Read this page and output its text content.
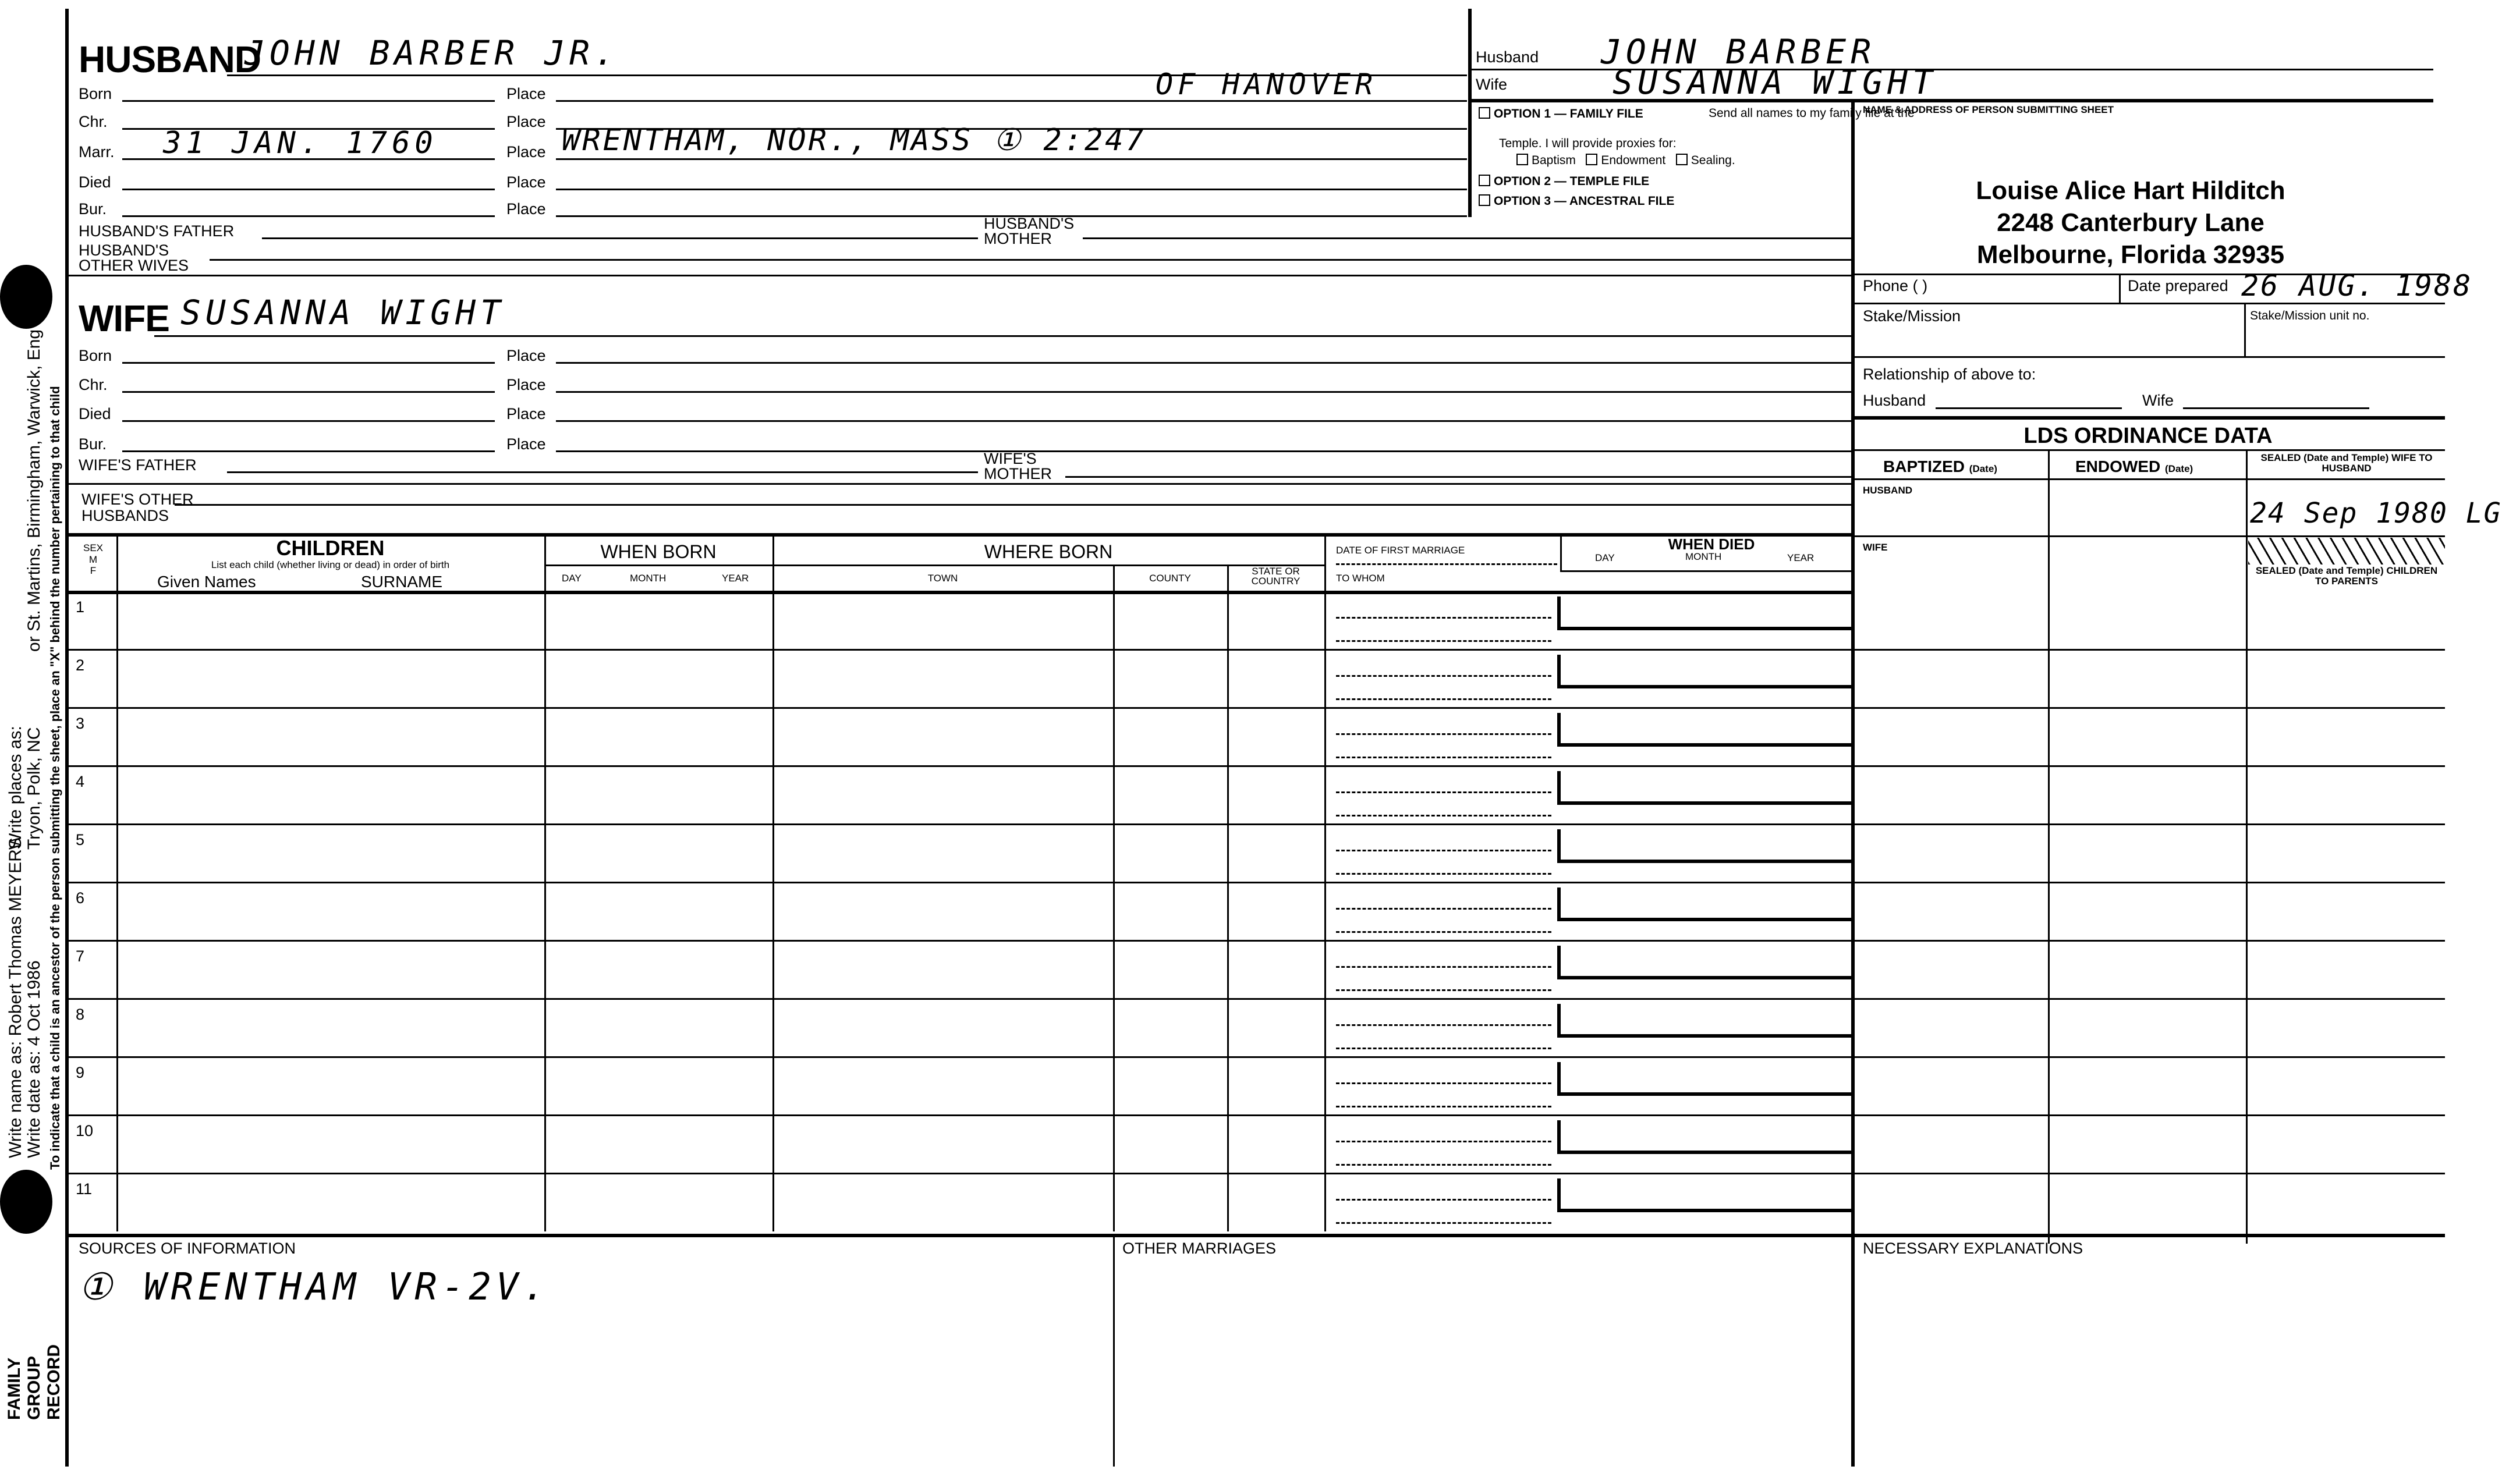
Write name as: Robert Thomas MEYERS Write date as: 4 Oct 1986
Write places as: Tryon, Polk, NC
or St. Martins, Birmingham, Warwick, Eng To indicate that a child is an ancestor of the person submitting the sheet, place an "X" behind the number pertaining to that child
FAMILY GROUP RECORD
HUSBAND
JOHN BARBER JR.
Born	Place	OF HANOVER
Chr.	Place
Marr. 31 JAN. 1760	Place WRENTHAM, NOR., MASS ① 2:247
Died	Place
Bur.	Place
HUSBAND'S FATHER	HUSBAND'S MOTHER
HUSBAND'S OTHER WIVES
Husband JOHN BARBER
Wife	SUSANNA WIGHT
OPTION 1 — FAMILY FILE	Send all names to my family file at the
Temple. I will provide proxies for:
Baptism Endowment Sealing.
OPTION 2 — TEMPLE FILE
OPTION 3 — ANCESTRAL FILE
NAME & ADDRESS OF PERSON SUBMITTING SHEET
Louise Alice Hart Hilditch
2248 Canterbury Lane
Melbourne, Florida 32935
Phone ( )	Date prepared 26 AUG. 1988
Stake/Mission	Stake/Mission unit no.
Relationship of above to:
Husband	Wife
LDS ORDINANCE DATA
BAPTIZED (Date)	ENDOWED (Date)
SEALED (Date and Temple) WIFE TO HUSBAND
HUSBAND
24 Sep 1980 LG
WIFE
SEALED (Date and Temple) CHILDREN TO PARENTS
WIFE SUSANNA WIGHT
Born	Place
Chr.	Place
Died	Place
Bur.	Place
WIFE'S FATHER	WIFE'S MOTHER
WIFE'S OTHER HUSBANDS
SEX
M
F
CHILDREN
List each child (whether living or dead) in order of birth
Given Names	SURNAME
WHEN BORN
DAY	MONTH	YEAR
WHERE BORN
TOWN	COUNTY
STATE OR COUNTRY
DATE OF FIRST MARRIAGE
TO WHOM
WHEN DIED
DAY	MONTH	YEAR
1
2
3
4
5
6
7
8
9
10
11
SOURCES OF INFORMATION
① WRENTHAM VR-2V.
OTHER MARRIAGES	NECESSARY EXPLANATIONS
